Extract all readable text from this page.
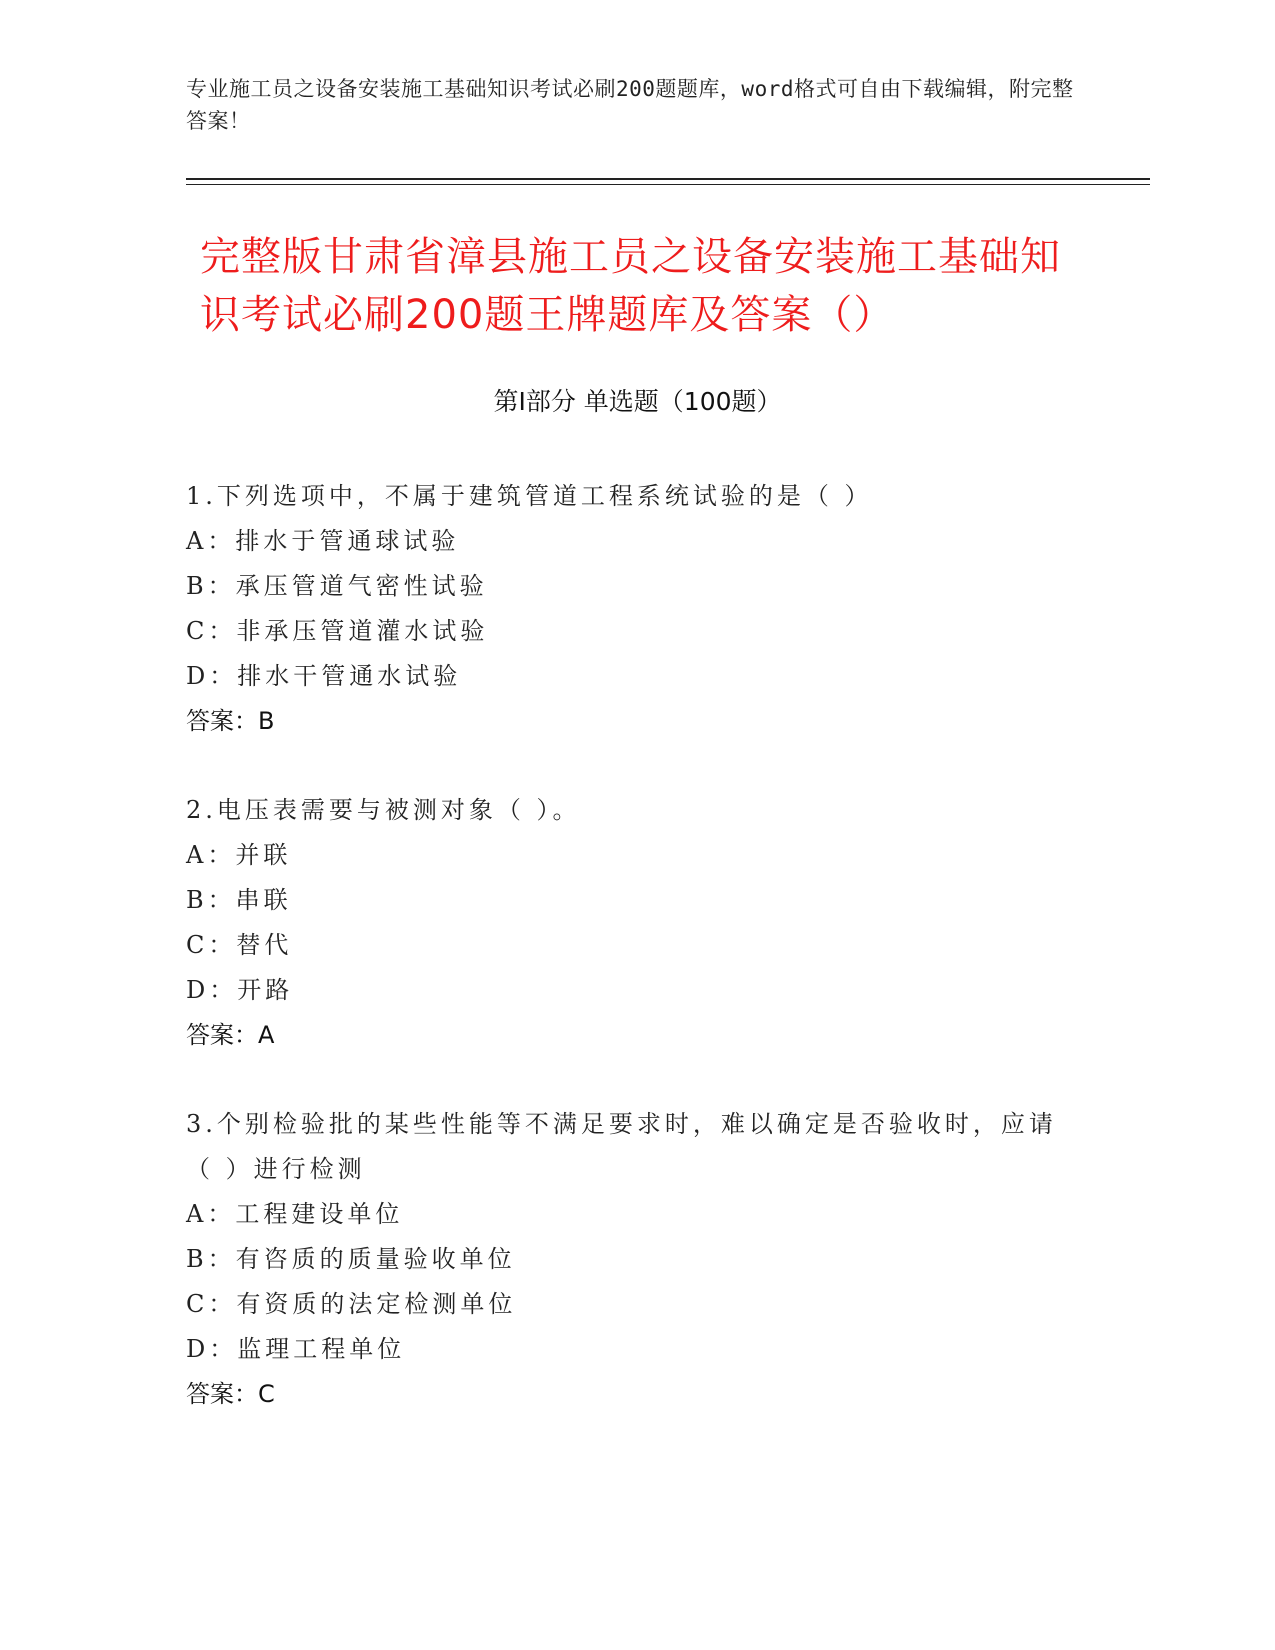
专业施工员之设备安装施工基础知识考试必刷200题题库，word格式可自由下载编辑，附完整答案！
完整版甘肃省漳县施工员之设备安装施工基础知识考试必刷200题王牌题库及答案（）
第Ⅰ部分 单选题（100题）
1.下列选项中，不属于建筑管道工程系统试验的是（ ）
A：排水于管通球试验
B：承压管道气密性试验
C：非承压管道灌水试验
D：排水干管通水试验
答案：B
2.电压表需要与被测对象（ ）。
A：并联
B：串联
C：替代
D：开路
答案：A
3.个别检验批的某些性能等不满足要求时，难以确定是否验收时，应请（ ）进行检测
A：工程建设单位
B：有咨质的质量验收单位
C：有资质的法定检测单位
D：监理工程单位
答案：C
